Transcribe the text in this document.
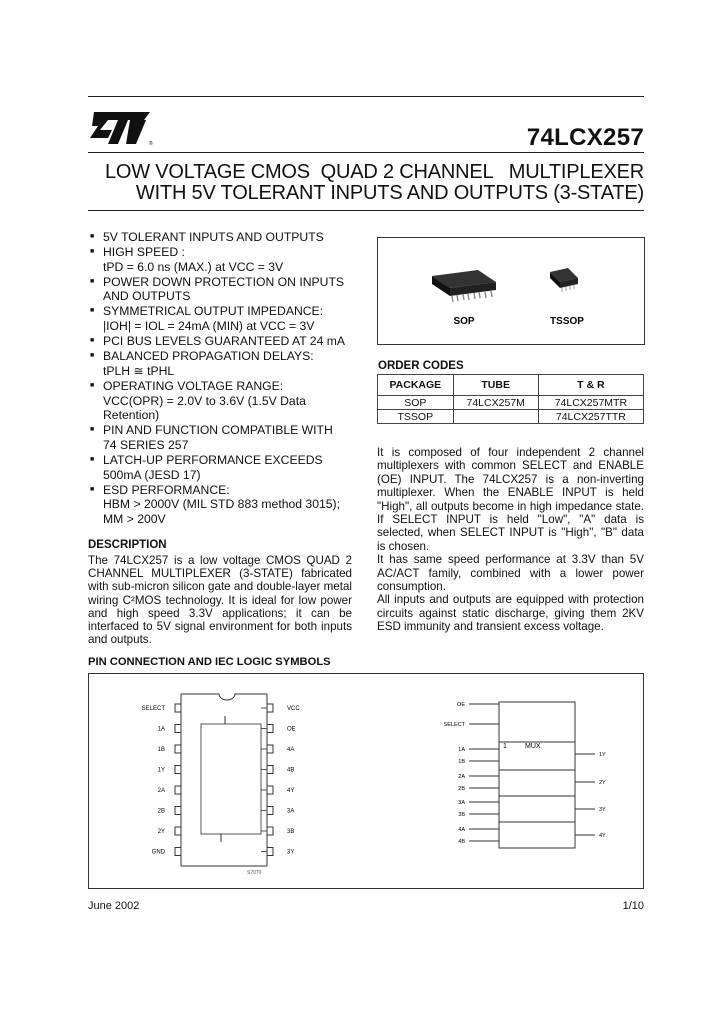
®	74LCX257
LOW VOLTAGE CMOS  QUAD 2 CHANNEL   MULTIPLEXER
WITH 5V TOLERANT INPUTS AND OUTPUTS (3-STATE)
■ 5V TOLERANT INPUTS AND OUTPUTS
■ HIGH SPEED :
tPD = 6.0 ns (MAX.) at VCC = 3V
■ POWER DOWN PROTECTION ON INPUTS
AND OUTPUTS
■ SYMMETRICAL OUTPUT IMPEDANCE:
|IOH| = IOL = 24mA (MIN) at VCC = 3V
■ PCI BUS LEVELS GUARANTEED AT 24 mA
■ BALANCED PROPAGATION DELAYS:
tPLH ≅ tPHL
■ OPERATING VOLTAGE RANGE:
VCC(OPR) = 2.0V to 3.6V (1.5V Data
Retention)
■ PIN AND FUNCTION COMPATIBLE WITH
74 SERIES 257
■ LATCH-UP PERFORMANCE EXCEEDS
500mA (JESD 17)
■ ESD PERFORMANCE:
HBM > 2000V (MIL STD 883 method 3015);
MM > 200V
DESCRIPTION
The 74LCX257 is a low voltage CMOS QUAD 2 CHANNEL MULTIPLEXER (3-STATE) fabricated with sub-micron silicon gate and double-layer metal wiring C²MOS technology. It is ideal for low power and high speed 3.3V applications; it can be interfaced to 5V signal environment for both inputs and outputs.
SOP	TSSOP
ORDER CODES
PACKAGE	TUBE	T & R
SOP	74LCX257M	74LCX257MTR
TSSOP		74LCX257TTR

It is composed of four independent 2 channel multiplexers with common SELECT and ENABLE (OE) INPUT. The 74LCX257 is a non-inverting multiplexer. When the ENABLE INPUT is held "High", all outputs become in high impedance state. If SELECT INPUT is held "Low", "A" data is selected, when SELECT INPUT is "High", "B" data is chosen.

It has same speed performance at 3.3V than 5V AC/ACT family, combined with a lower power consumption.

All inputs and outputs are equipped with protection circuits against static discharge, giving them 2KV ESD immunity and transient excess voltage.

PIN CONNECTION AND IEC LOGIC SYMBOLS
SELECT
1A
1B
1Y
2A
2B
2Y
GND
VCC
OE
4A
4B
4Y
3A
3B
3Y
S7070
1	MUX
OE
SELECT
1A
1B
2A
2B
3A
3B
4A
4B
1Y
2Y
3Y
4Y
June 2002	1/10
